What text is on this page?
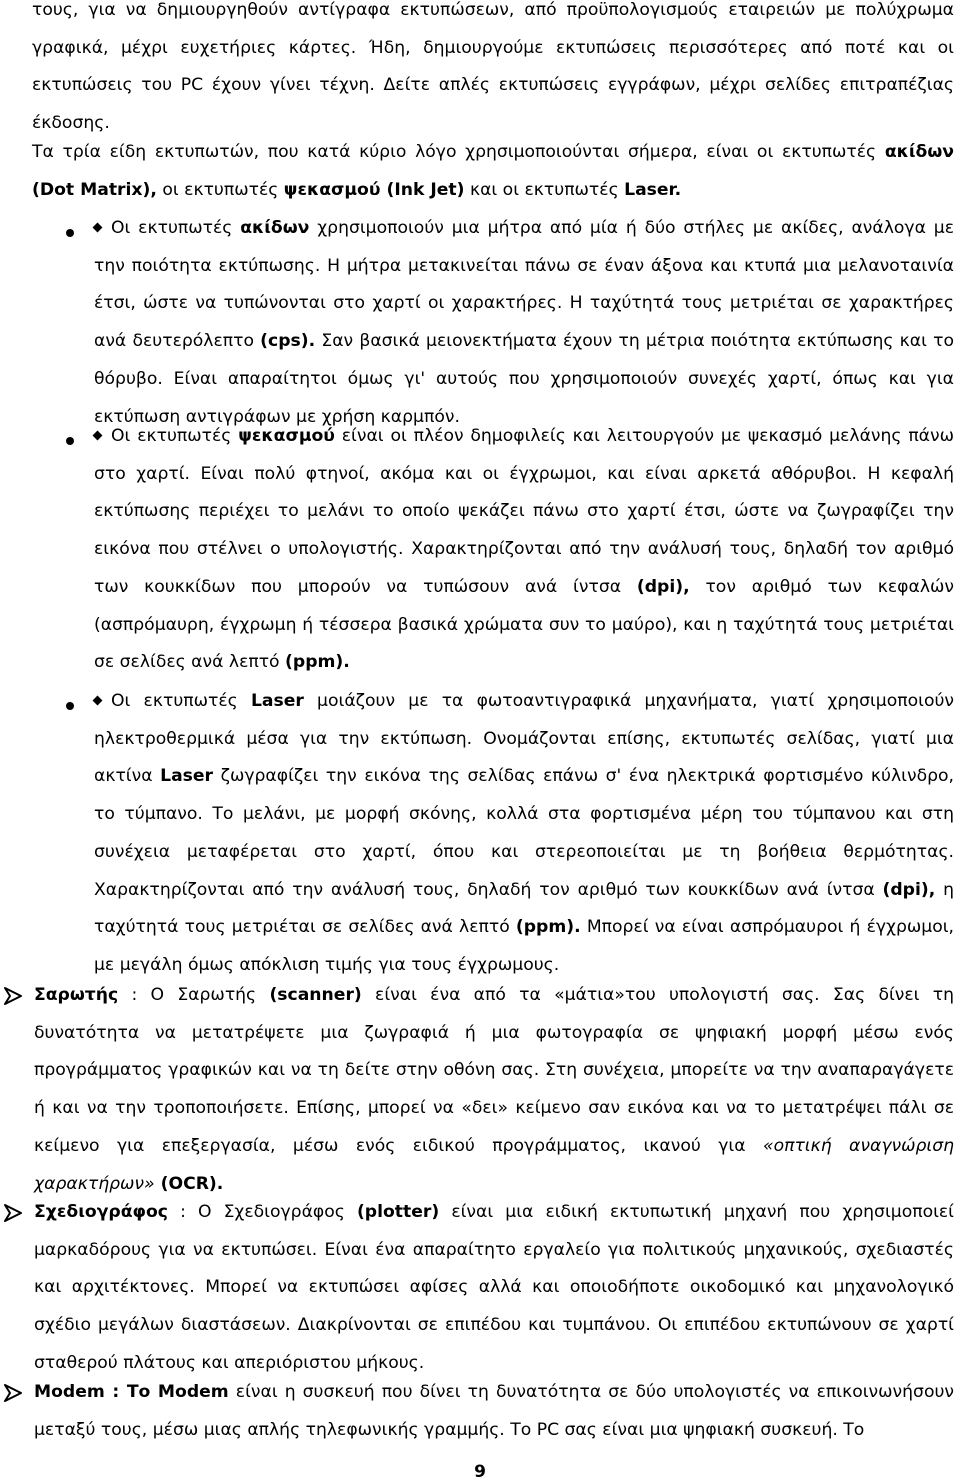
τους, για να δημιουργηθούν αντίγραφα εκτυπώσεων, από προϋπολογισμούς εταιρειών με πολύχρωμα γραφικά, μέχρι ευχετήριες κάρτες. Ήδη, δημιουργούμε εκτυπώσεις περισσότερες από ποτέ και οι εκτυπώσεις του PC έχουν γίνει τέχνη. Δείτε απλές εκτυπώσεις εγγράφων, μέχρι σελίδες επιτραπέζιας έκδοσης.

Τα τρία είδη εκτυπωτών, που κατά κύριο λόγο χρησιμοποιούνται σήμερα, είναι οι εκτυπωτές ακίδων (Dot Matrix), οι εκτυπωτές ψεκασμού (Ink Jet) και οι εκτυπωτές Laser.

Οι εκτυπωτές ακίδων χρησιμοποιούν μια μήτρα από μία ή δύο στήλες με ακίδες, ανάλογα με την ποιότητα εκτύπωσης. Η μήτρα μετακινείται πάνω σε έναν άξονα και κτυπά μια μελανοταινία έτσι, ώστε να τυπώνονται στο χαρτί οι χαρακτήρες. Η ταχύτητά τους μετριέται σε χαρακτήρες ανά δευτερόλεπτο (cps). Σαν βασικά μειονεκτήματα έχουν τη μέτρια ποιότητα εκτύπωσης και το θόρυβο. Είναι απαραίτητοι όμως γι' αυτούς που χρησιμοποιούν συνεχές χαρτί, όπως και για εκτύπωση αντιγράφων με χρήση καρμπόν.

Οι εκτυπωτές ψεκασμού είναι οι πλέον δημοφιλείς και λειτουργούν με ψεκασμό μελάνης πάνω στο χαρτί. Είναι πολύ φτηνοί, ακόμα και οι έγχρωμοι, και είναι αρκετά αθόρυβοι. Η κεφαλή εκτύπωσης περιέχει το μελάνι το οποίο ψεκάζει πάνω στο χαρτί έτσι, ώστε να ζωγραφίζει την εικόνα που στέλνει ο υπολογιστής. Χαρακτηρίζονται από την ανάλυσή τους, δηλαδή τον αριθμό των κουκκίδων που μπορούν να τυπώσουν ανά ίντσα (dpi), τον αριθμό των κεφαλών (ασπρόμαυρη, έγχρωμη ή τέσσερα βασικά χρώματα συν το μαύρο), και η ταχύτητά τους μετριέται σε σελίδες ανά λεπτό (ppm).

Οι εκτυπωτές Laser μοιάζουν με τα φωτοαντιγραφικά μηχανήματα, γιατί χρησιμοποιούν ηλεκτροθερμικά μέσα για την εκτύπωση. Ονομάζονται επίσης, εκτυπωτές σελίδας, γιατί μια ακτίνα Laser ζωγραφίζει την εικόνα της σελίδας επάνω σ' ένα ηλεκτρικά φορτισμένο κύλινδρο, το τύμπανο. Το μελάνι, με μορφή σκόνης, κολλά στα φορτισμένα μέρη του τύμπανου και στη συνέχεια μεταφέρεται στο χαρτί, όπου και στερεοποιείται με τη βοήθεια θερμότητας. Χαρακτηρίζονται από την ανάλυσή τους, δηλαδή τον αριθμό των κουκκίδων ανά ίντσα (dpi), η ταχύτητά τους μετριέται σε σελίδες ανά λεπτό (ppm). Μπορεί να είναι ασπρόμαυροι ή έγχρωμοι, με μεγάλη όμως απόκλιση τιμής για τους έγχρωμους.

Σαρωτής : Ο Σαρωτής (scanner) είναι ένα από τα «μάτια»του υπολογιστή σας. Σας δίνει τη δυνατότητα να μετατρέψετε μια ζωγραφιά ή μια φωτογραφία σε ψηφιακή μορφή μέσω ενός προγράμματος γραφικών και να τη δείτε στην οθόνη σας. Στη συνέχεια, μπορείτε να την αναπαραγάγετε ή και να την τροποποιήσετε. Επίσης, μπορεί να «δει» κείμενο σαν εικόνα και να το μετατρέψει πάλι σε κείμενο για επεξεργασία, μέσω ενός ειδικού προγράμματος, ικανού για «οπτική αναγνώριση χαρακτήρων» (OCR).

Σχεδιογράφος : Ο Σχεδιογράφος (plotter) είναι μια ειδική εκτυπωτική μηχανή που χρησιμοποιεί μαρκαδόρους για να εκτυπώσει. Είναι ένα απαραίτητο εργαλείο για πολιτικούς μηχανικούς, σχεδιαστές και αρχιτέκτονες. Μπορεί να εκτυπώσει αφίσες αλλά και οποιοδήποτε οικοδομικό και μηχανολογικό σχέδιο μεγάλων διαστάσεων. Διακρίνονται σε επιπέδου και τυμπάνου. Οι επιπέδου εκτυπώνουν σε χαρτί σταθερού πλάτους και απεριόριστου μήκους.

Modem : Το Modem είναι η συσκευή που δίνει τη δυνατότητα σε δύο υπολογιστές να επικοινωνήσουν μεταξύ τους, μέσω μιας απλής τηλεφωνικής γραμμής. Το PC σας είναι μια ψηφιακή συσκευή. Το

9
